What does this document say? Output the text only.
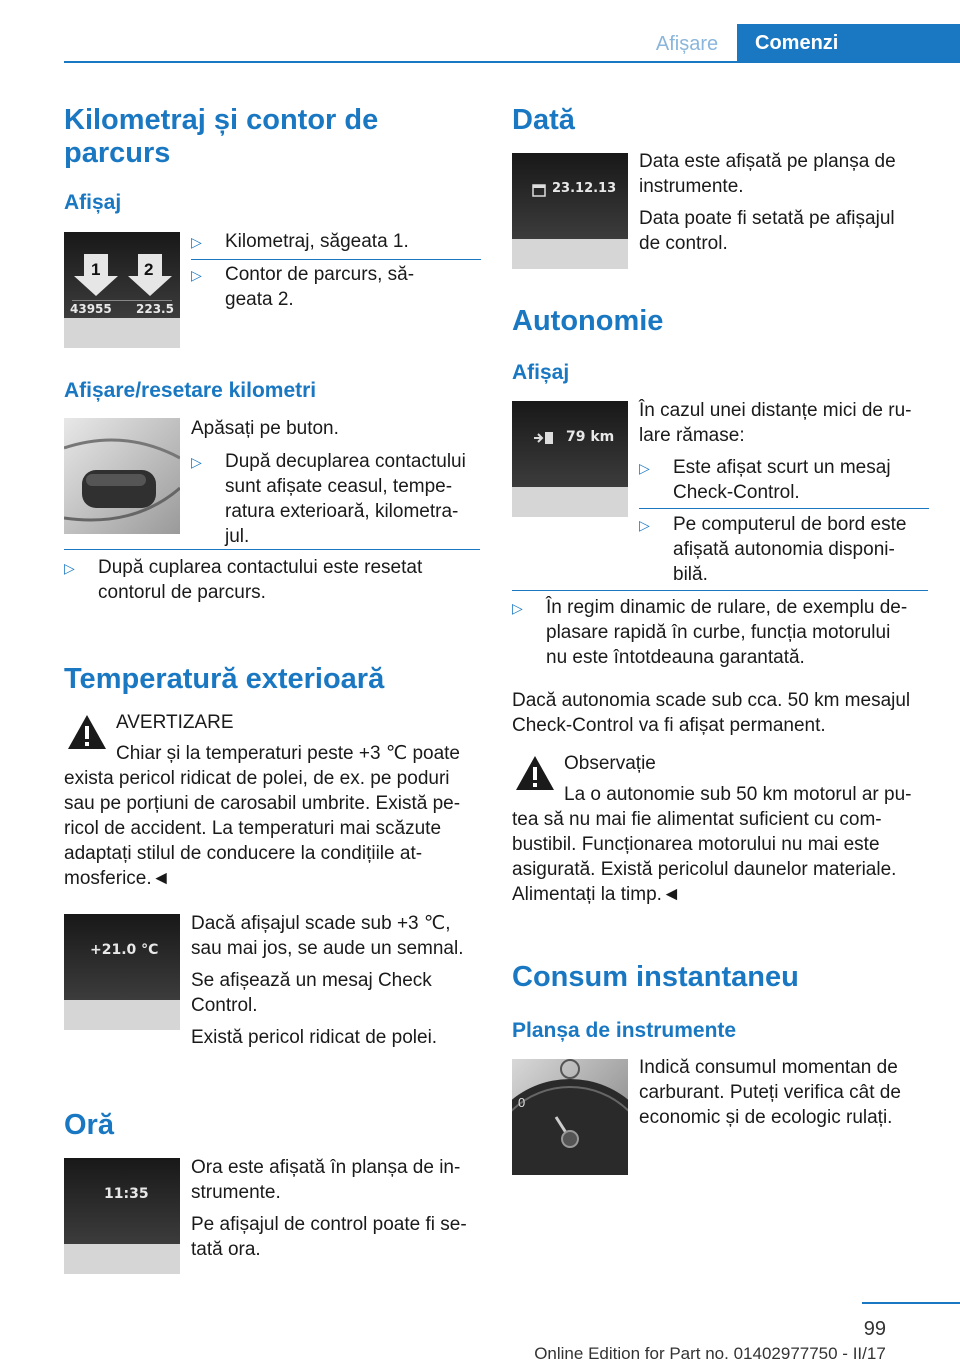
Afișare	Comenzi
Kilometraj și contor de parcurs
Afișaj
1	2
43955 223.5
▷ Kilometraj, săgeata 1.
▷ Contor de parcurs, să-
geata 2.
Afișare/resetare kilometri
Apăsați pe buton.
▷ După decuplarea contactului
sunt afișate ceasul, tempe-
ratura exterioară, kilometra-
jul.
▷ După cuplarea contactului este resetat
contorul de parcurs.
Temperatură exterioară
AVERTIZARE
Chiar și la temperaturi peste +3 ℃ poate
exista pericol ridicat de polei, de ex. pe poduri
sau pe porțiuni de carosabil umbrite. Există pe-
ricol de accident. La temperaturi mai scăzute
adaptați stilul de conducere la condițiile at-
mosferice.◄
+21.0 °C
Dacă afișajul scade sub +3 ℃,
sau mai jos, se aude un semnal.
Se afișează un mesaj Check
Control.
Există pericol ridicat de polei.
Oră
11:35
Ora este afișată în planșa de in-
strumente.
Pe afișajul de control poate fi se-
tată ora.
Dată
23.12.13
Data este afișată pe planșa de
instrumente.
Data poate fi setată pe afișajul
de control.
Autonomie
Afișaj
79 km
În cazul unei distanțe mici de ru-
lare rămase:
▷ Este afișat scurt un mesaj
Check-Control.
▷ Pe computerul de bord este
afișată autonomia disponi-
bilă.
▷ În regim dinamic de rulare, de exemplu de-
plasare rapidă în curbe, funcția motorului
nu este întotdeauna garantată.
Dacă autonomia scade sub cca. 50 km mesajul
Check-Control va fi afișat permanent.
Observație
La o autonomie sub 50 km motorul ar pu-
tea să nu mai fie alimentat suficient cu com-
bustibil. Funcționarea motorului nu mai este
asigurată. Există pericolul daunelor materiale.
Alimentați la timp.◄
Consum instantaneu
Planșa de instrumente
0
Indică consumul momentan de
carburant. Puteți verifica cât de
economic și de ecologic rulați.
99
Online Edition for Part no. 01402977750 - II/17
